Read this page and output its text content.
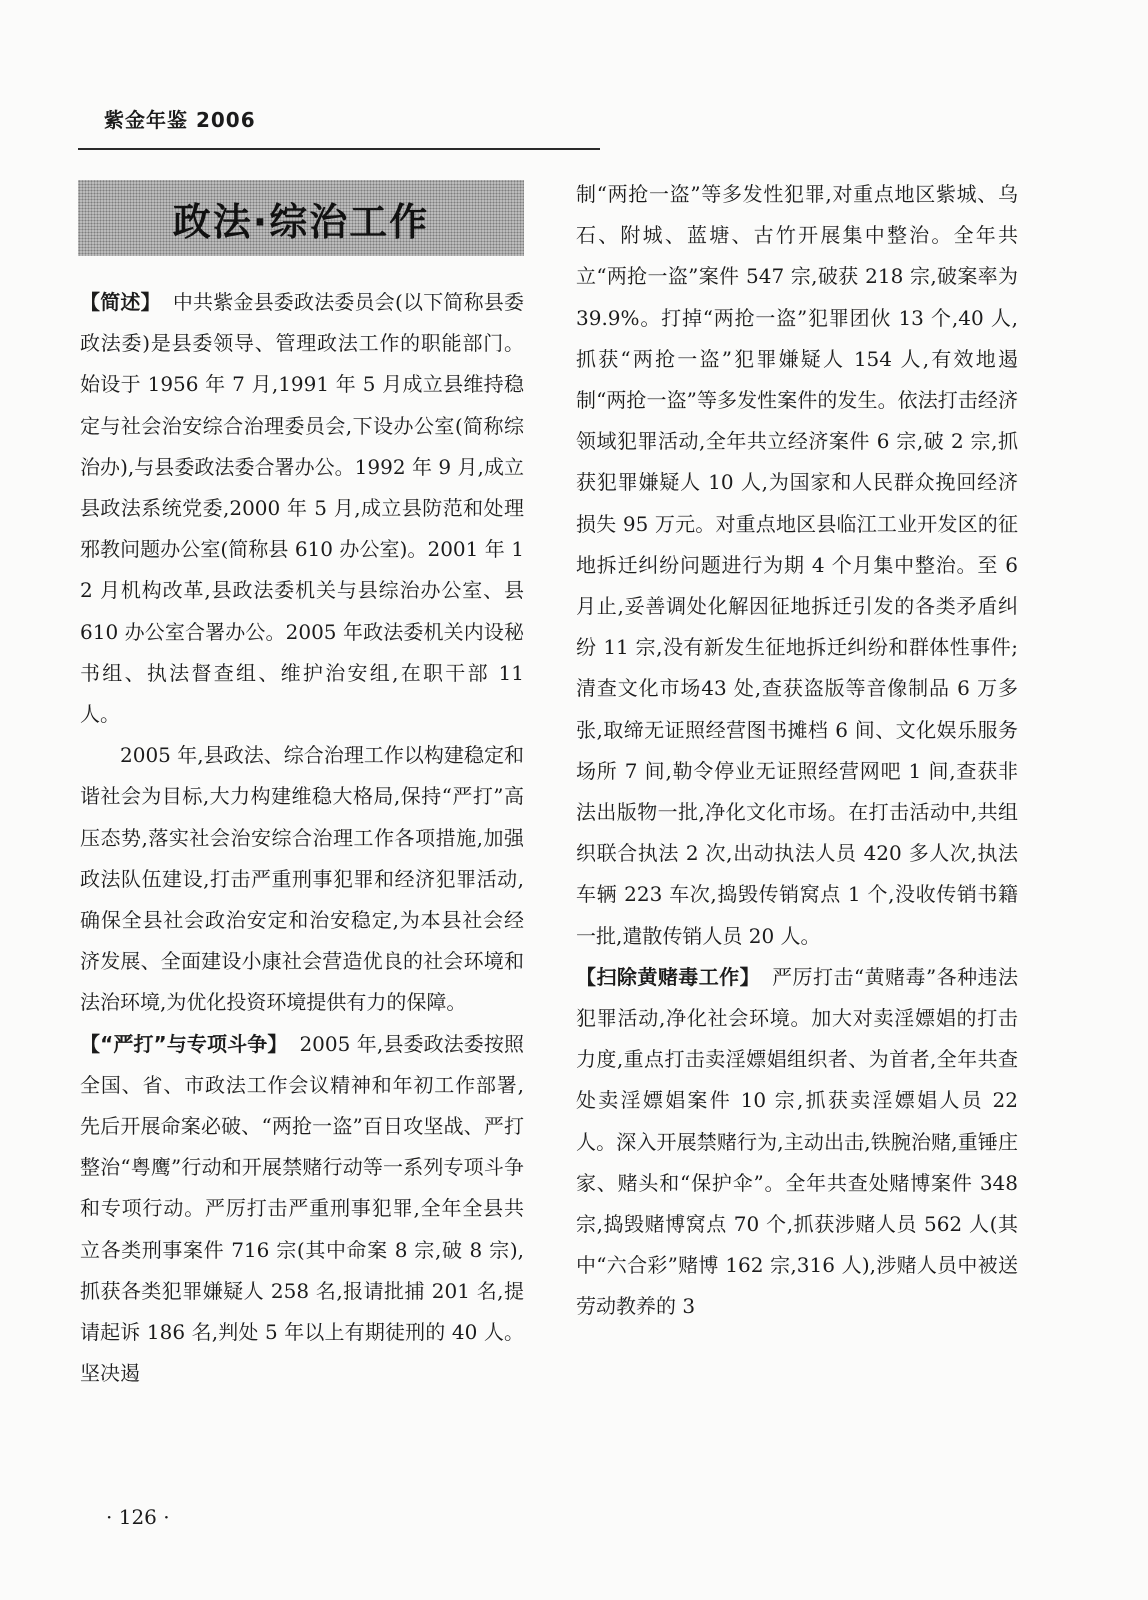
紫金年鉴 2006
政法·综治工作

【简述】 中共紫金县委政法委员会(以下简称县委政法委)是县委领导、管理政法工作的职能部门。始设于 1956 年 7 月,1991 年 5 月成立县维持稳定与社会治安综合治理委员会,下设办公室(简称综治办),与县委政法委合署办公。1992 年 9 月,成立县政法系统党委,2000 年 5 月,成立县防范和处理邪教问题办公室(简称县 610 办公室)。2001 年 12 月机构改革,县政法委机关与县综治办公室、县 610 办公室合署办公。2005 年政法委机关内设秘书组、执法督查组、维护治安组,在职干部 11 人。

2005 年,县政法、综合治理工作以构建稳定和谐社会为目标,大力构建维稳大格局,保持“严打”高压态势,落实社会治安综合治理工作各项措施,加强政法队伍建设,打击严重刑事犯罪和经济犯罪活动,确保全县社会政治安定和治安稳定,为本县社会经济发展、全面建设小康社会营造优良的社会环境和法治环境,为优化投资环境提供有力的保障。

【“严打”与专项斗争】 2005 年,县委政法委按照全国、省、市政法工作会议精神和年初工作部署,先后开展命案必破、“两抢一盗”百日攻坚战、严打整治“粤鹰”行动和开展禁赌行动等一系列专项斗争和专项行动。严厉打击严重刑事犯罪,全年全县共立各类刑事案件 716 宗(其中命案 8 宗,破 8 宗),抓获各类犯罪嫌疑人 258 名,报请批捕 201 名,提请起诉 186 名,判处 5 年以上有期徒刑的 40 人。坚决遏

制“两抢一盗”等多发性犯罪,对重点地区紫城、乌石、附城、蓝塘、古竹开展集中整治。全年共立“两抢一盗”案件 547 宗,破获 218 宗,破案率为 39.9%。打掉“两抢一盗”犯罪团伙 13 个,40 人,抓获“两抢一盗”犯罪嫌疑人 154 人,有效地遏制“两抢一盗”等多发性案件的发生。依法打击经济领域犯罪活动,全年共立经济案件 6 宗,破 2 宗,抓获犯罪嫌疑人 10 人,为国家和人民群众挽回经济损失 95 万元。对重点地区县临江工业开发区的征地拆迁纠纷问题进行为期 4 个月集中整治。至 6 月止,妥善调处化解因征地拆迁引发的各类矛盾纠纷 11 宗,没有新发生征地拆迁纠纷和群体性事件;清查文化市场43 处,查获盗版等音像制品 6 万多张,取缔无证照经营图书摊档 6 间、文化娱乐服务场所 7 间,勒令停业无证照经营网吧 1 间,查获非法出版物一批,净化文化市场。在打击活动中,共组织联合执法 2 次,出动执法人员 420 多人次,执法车辆 223 车次,捣毁传销窝点 1 个,没收传销书籍一批,遣散传销人员 20 人。

【扫除黄赌毒工作】 严厉打击“黄赌毒”各种违法犯罪活动,净化社会环境。加大对卖淫嫖娼的打击力度,重点打击卖淫嫖娼组织者、为首者,全年共查处卖淫嫖娼案件 10 宗,抓获卖淫嫖娼人员 22 人。深入开展禁赌行为,主动出击,铁腕治赌,重锤庄家、赌头和“保护伞”。全年共查处赌博案件 348 宗,捣毁赌博窝点 70 个,抓获涉赌人员 562 人(其中“六合彩”赌博 162 宗,316 人),涉赌人员中被送劳动教养的 3

· 126 ·
